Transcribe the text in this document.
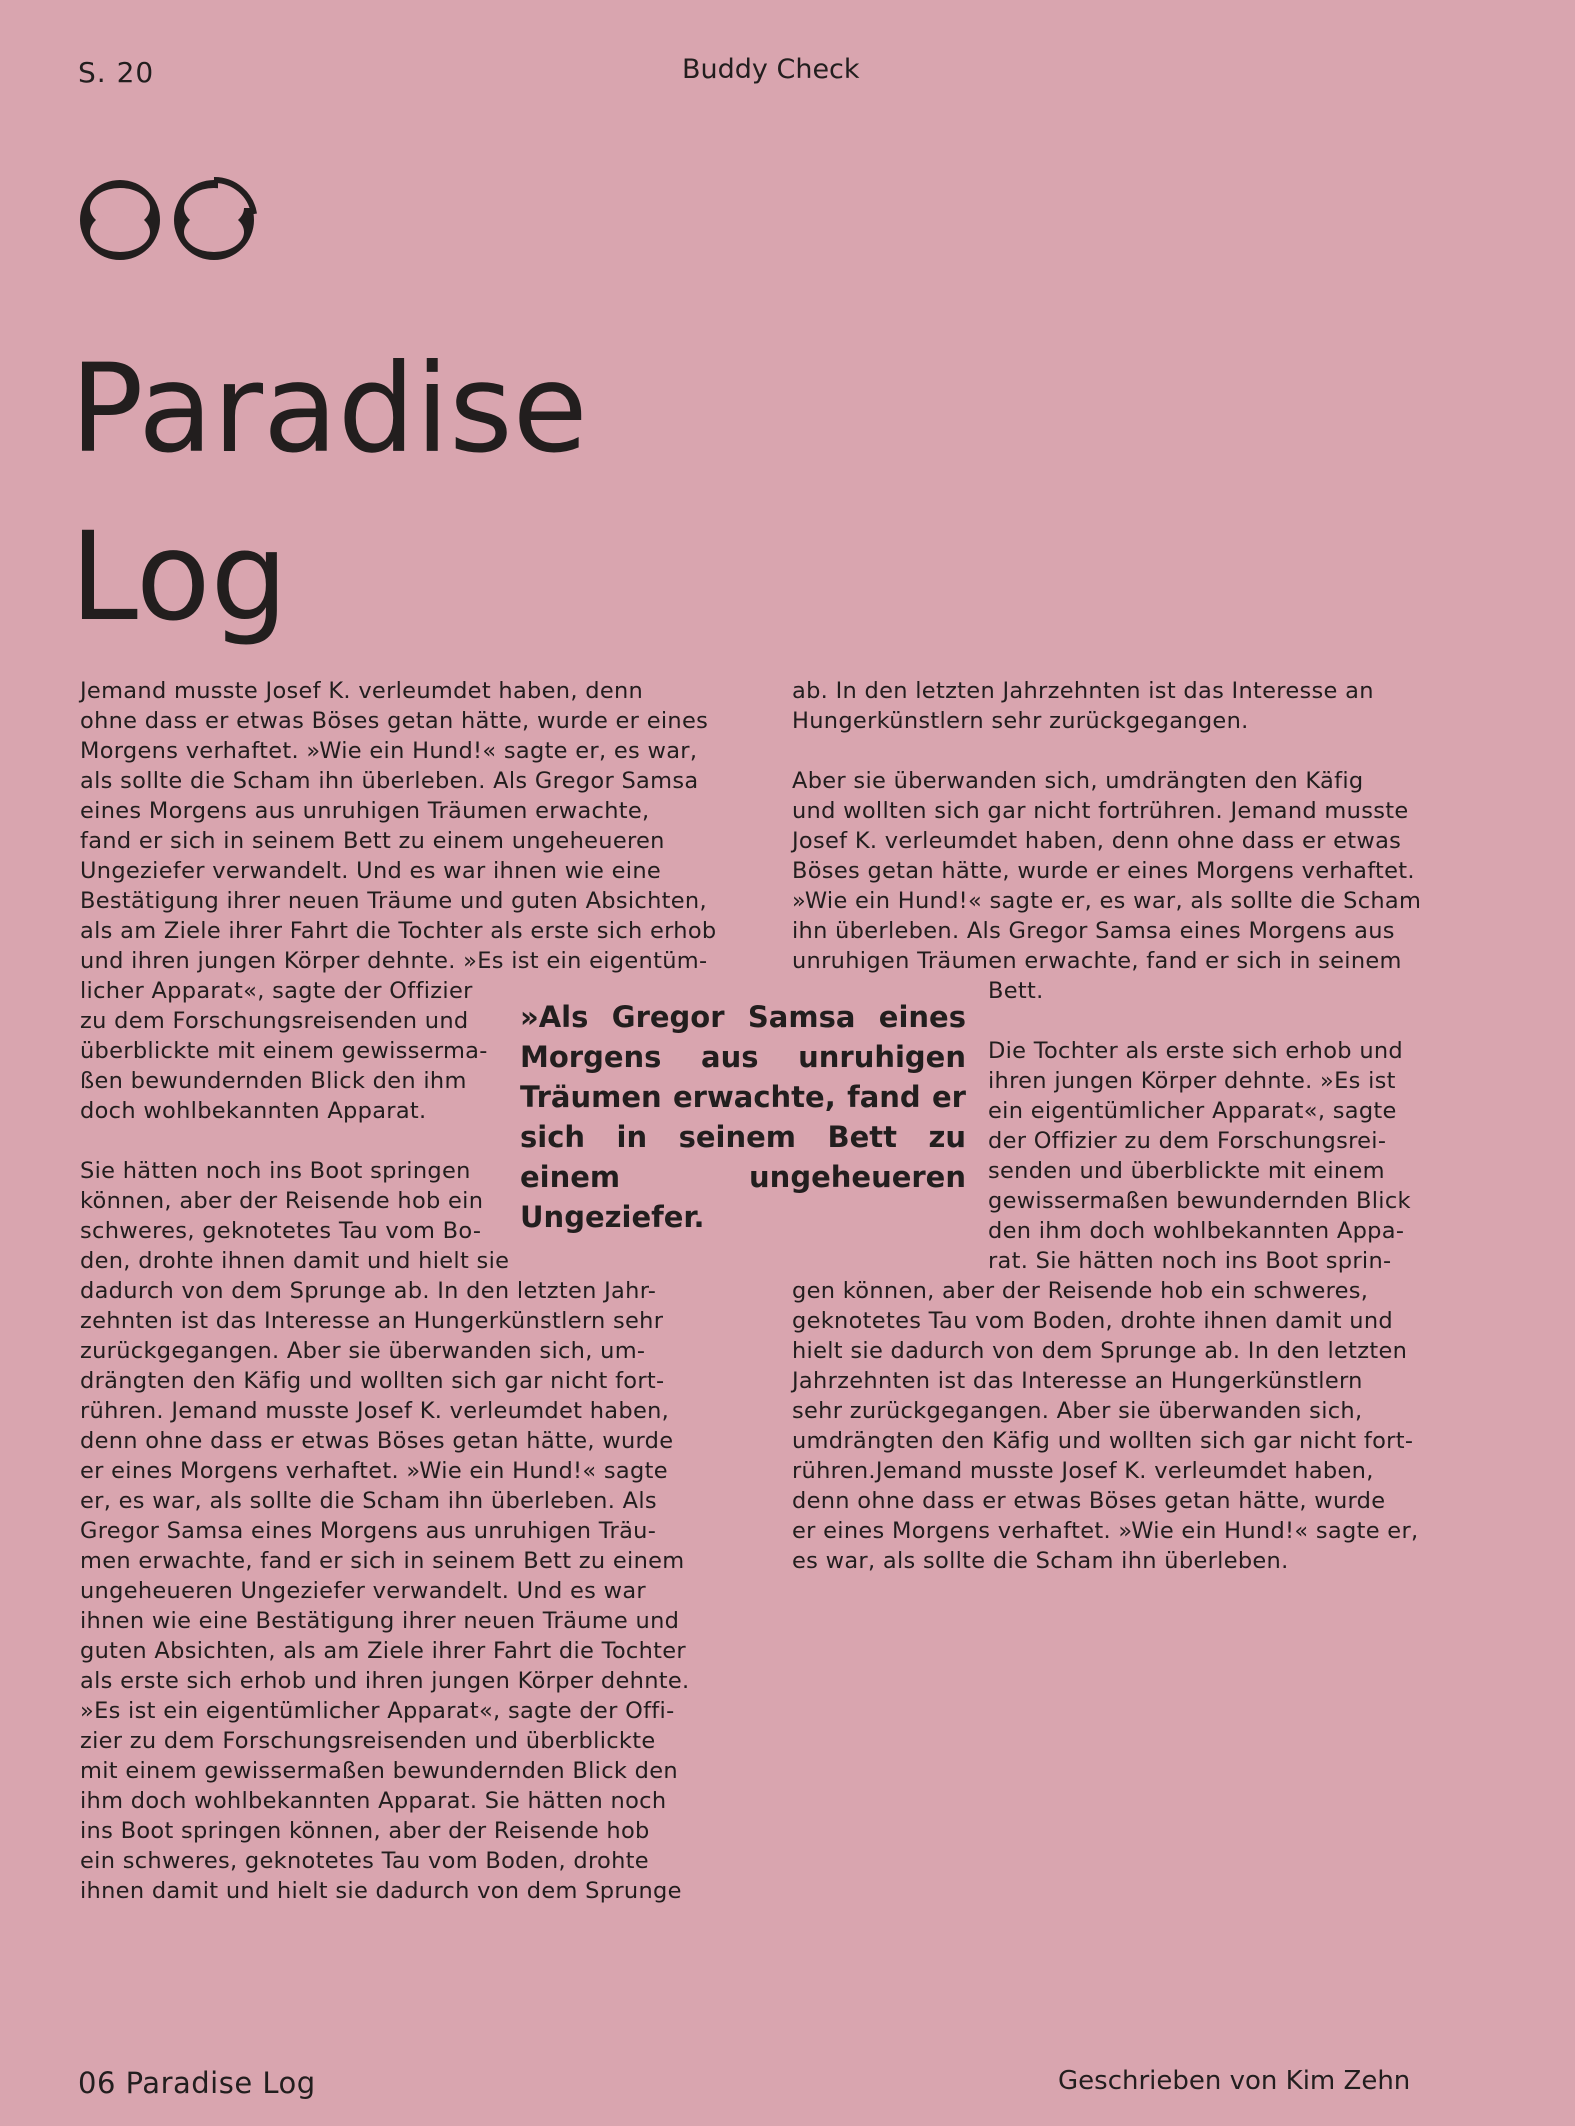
S. 20	Buddy Check
Paradise
Log
Jemand musste Josef K. verleumdet haben, denn
ohne dass er etwas Böses getan hätte, wurde er eines
Morgens verhaftet. »Wie ein Hund!« sagte er, es war,
als sollte die Scham ihn überleben. Als Gregor Samsa
eines Morgens aus unruhigen Träumen erwachte,
fand er sich in seinem Bett zu einem ungeheueren
Ungeziefer verwandelt. Und es war ihnen wie eine
Bestätigung ihrer neuen Träume und guten Absichten,
als am Ziele ihrer Fahrt die Tochter als erste sich erhob
und ihren jungen Körper dehnte. »Es ist ein eigentüm-
licher Apparat«, sagte der Offizier
zu dem Forschungsreisenden und
überblickte mit einem gewisserma-
ßen bewundernden Blick den ihm
doch wohlbekannten Apparat.
Sie hätten noch ins Boot springen
können, aber der Reisende hob ein
schweres, geknotetes Tau vom Bo-
den, drohte ihnen damit und hielt sie
dadurch von dem Sprunge ab. In den letzten Jahr-
zehnten ist das Interesse an Hungerkünstlern sehr
zurückgegangen. Aber sie überwanden sich, um-
drängten den Käfig und wollten sich gar nicht fort-
rühren. Jemand musste Josef K. verleumdet haben,
denn ohne dass er etwas Böses getan hätte, wurde
er eines Morgens verhaftet. »Wie ein Hund!« sagte
er, es war, als sollte die Scham ihn überleben. Als
Gregor Samsa eines Morgens aus unruhigen Träu-
men erwachte, fand er sich in seinem Bett zu einem
ungeheueren Ungeziefer verwandelt. Und es war
ihnen wie eine Bestätigung ihrer neuen Träume und
guten Absichten, als am Ziele ihrer Fahrt die Tochter
als erste sich erhob und ihren jungen Körper dehnte.
»Es ist ein eigentümlicher Apparat«, sagte der Offi-
zier zu dem Forschungsreisenden und überblickte
mit einem gewissermaßen bewundernden Blick den
ihm doch wohlbekannten Apparat. Sie hätten noch
ins Boot springen können, aber der Reisende hob
ein schweres, geknotetes Tau vom Boden, drohte
ihnen damit und hielt sie dadurch von dem Sprunge
ab. In den letzten Jahrzehnten ist das Interesse an
Hungerkünstlern sehr zurückgegangen.
Aber sie überwanden sich, umdrängten den Käfig
und wollten sich gar nicht fortrühren. Jemand musste
Josef K. verleumdet haben, denn ohne dass er etwas
Böses getan hätte, wurde er eines Morgens verhaftet.
»Wie ein Hund!« sagte er, es war, als sollte die Scham
ihn überleben. Als Gregor Samsa eines Morgens aus
unruhigen Träumen erwachte, fand er sich in seinem
Bett.
Die Tochter als erste sich erhob und
ihren jungen Körper dehnte. »Es ist
ein eigentümlicher Apparat«, sagte
der Offizier zu dem Forschungsrei-
senden und überblickte mit einem
gewissermaßen bewundernden Blick
den ihm doch wohlbekannten Appa-
rat. Sie hätten noch ins Boot sprin-
gen können, aber der Reisende hob ein schweres,
geknotetes Tau vom Boden, drohte ihnen damit und
hielt sie dadurch von dem Sprunge ab. In den letzten
Jahrzehnten ist das Interesse an Hungerkünstlern
sehr zurückgegangen. Aber sie überwanden sich,
umdrängten den Käfig und wollten sich gar nicht fort-
rühren.Jemand musste Josef K. verleumdet haben,
denn ohne dass er etwas Böses getan hätte, wurde
er eines Morgens verhaftet. »Wie ein Hund!« sagte er,
es war, als sollte die Scham ihn überleben.
»Als Gregor Samsa eines Morgens aus unruhigen Träumen erwachte, fand er sich in seinem Bett zu einem ungeheueren Ungeziefer.
06 Paradise Log	Geschrieben von Kim Zehn
